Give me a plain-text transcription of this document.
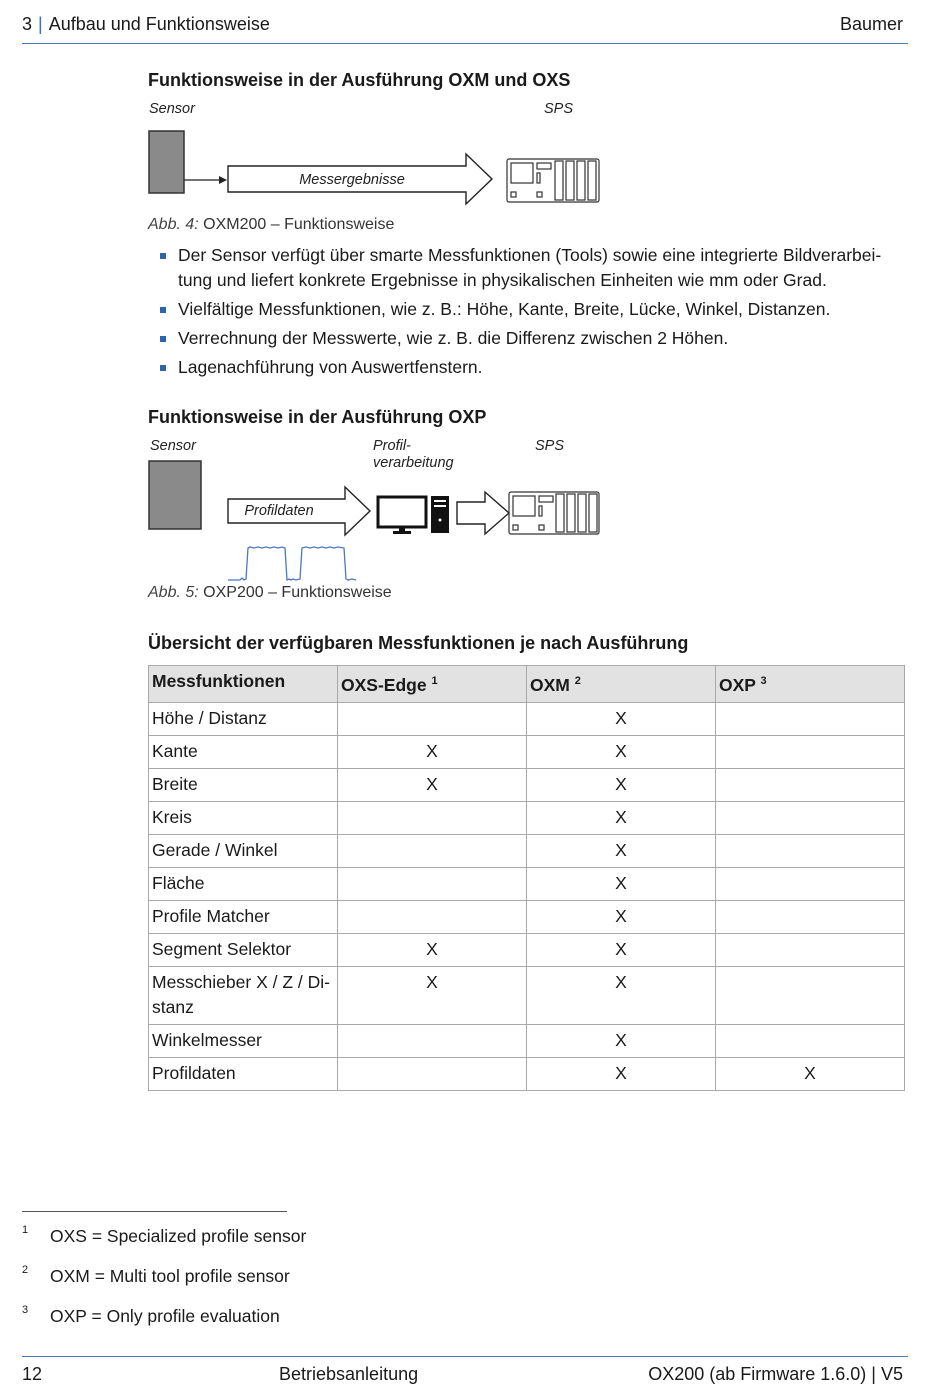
3 | Aufbau und Funktionsweise	Baumer
Funktionsweise in der Ausführung OXM und OXS
Sensor	SPS
Messergebnisse
Abb. 4: OXM200 – Funktionsweise
Der Sensor verfügt über smarte Messfunktionen (Tools) sowie eine integrierte Bildverarbei-tung und liefert konkrete Ergebnisse in physikalischen Einheiten wie mm oder Grad.
Vielfältige Messfunktionen, wie z. B.: Höhe, Kante, Breite, Lücke, Winkel, Distanzen.
Verrechnung der Messwerte, wie z. B. die Differenz zwischen 2 Höhen.
Lagenachführung von Auswertfenstern.
Funktionsweise in der Ausführung OXP
Sensor	Profil-
verarbeitung
SPS
Profildaten
Abb. 5: OXP200 – Funktionsweise
Übersicht der verfügbaren Messfunktionen je nach Ausführung
Messfunktionen	OXS-Edge $^1$	OXM $^2$	OXP $^3$
Höhe / Distanz		X	
Kante	X	X	
Breite	X	X	
Kreis		X	
Gerade / Winkel		X	
Fläche		X	
Profile Matcher		X	
Segment Selektor	X	X	
Messchieber X / Z / Di-stanz	X	X	
Winkelmesser		X	
Profildaten		X	X
1 OXS = Specialized profile sensor
2 OXM = Multi tool profile sensor
3 OXP = Only profile evaluation
12	Betriebsanleitung	OX200 (ab Firmware 1.6.0) | V5
